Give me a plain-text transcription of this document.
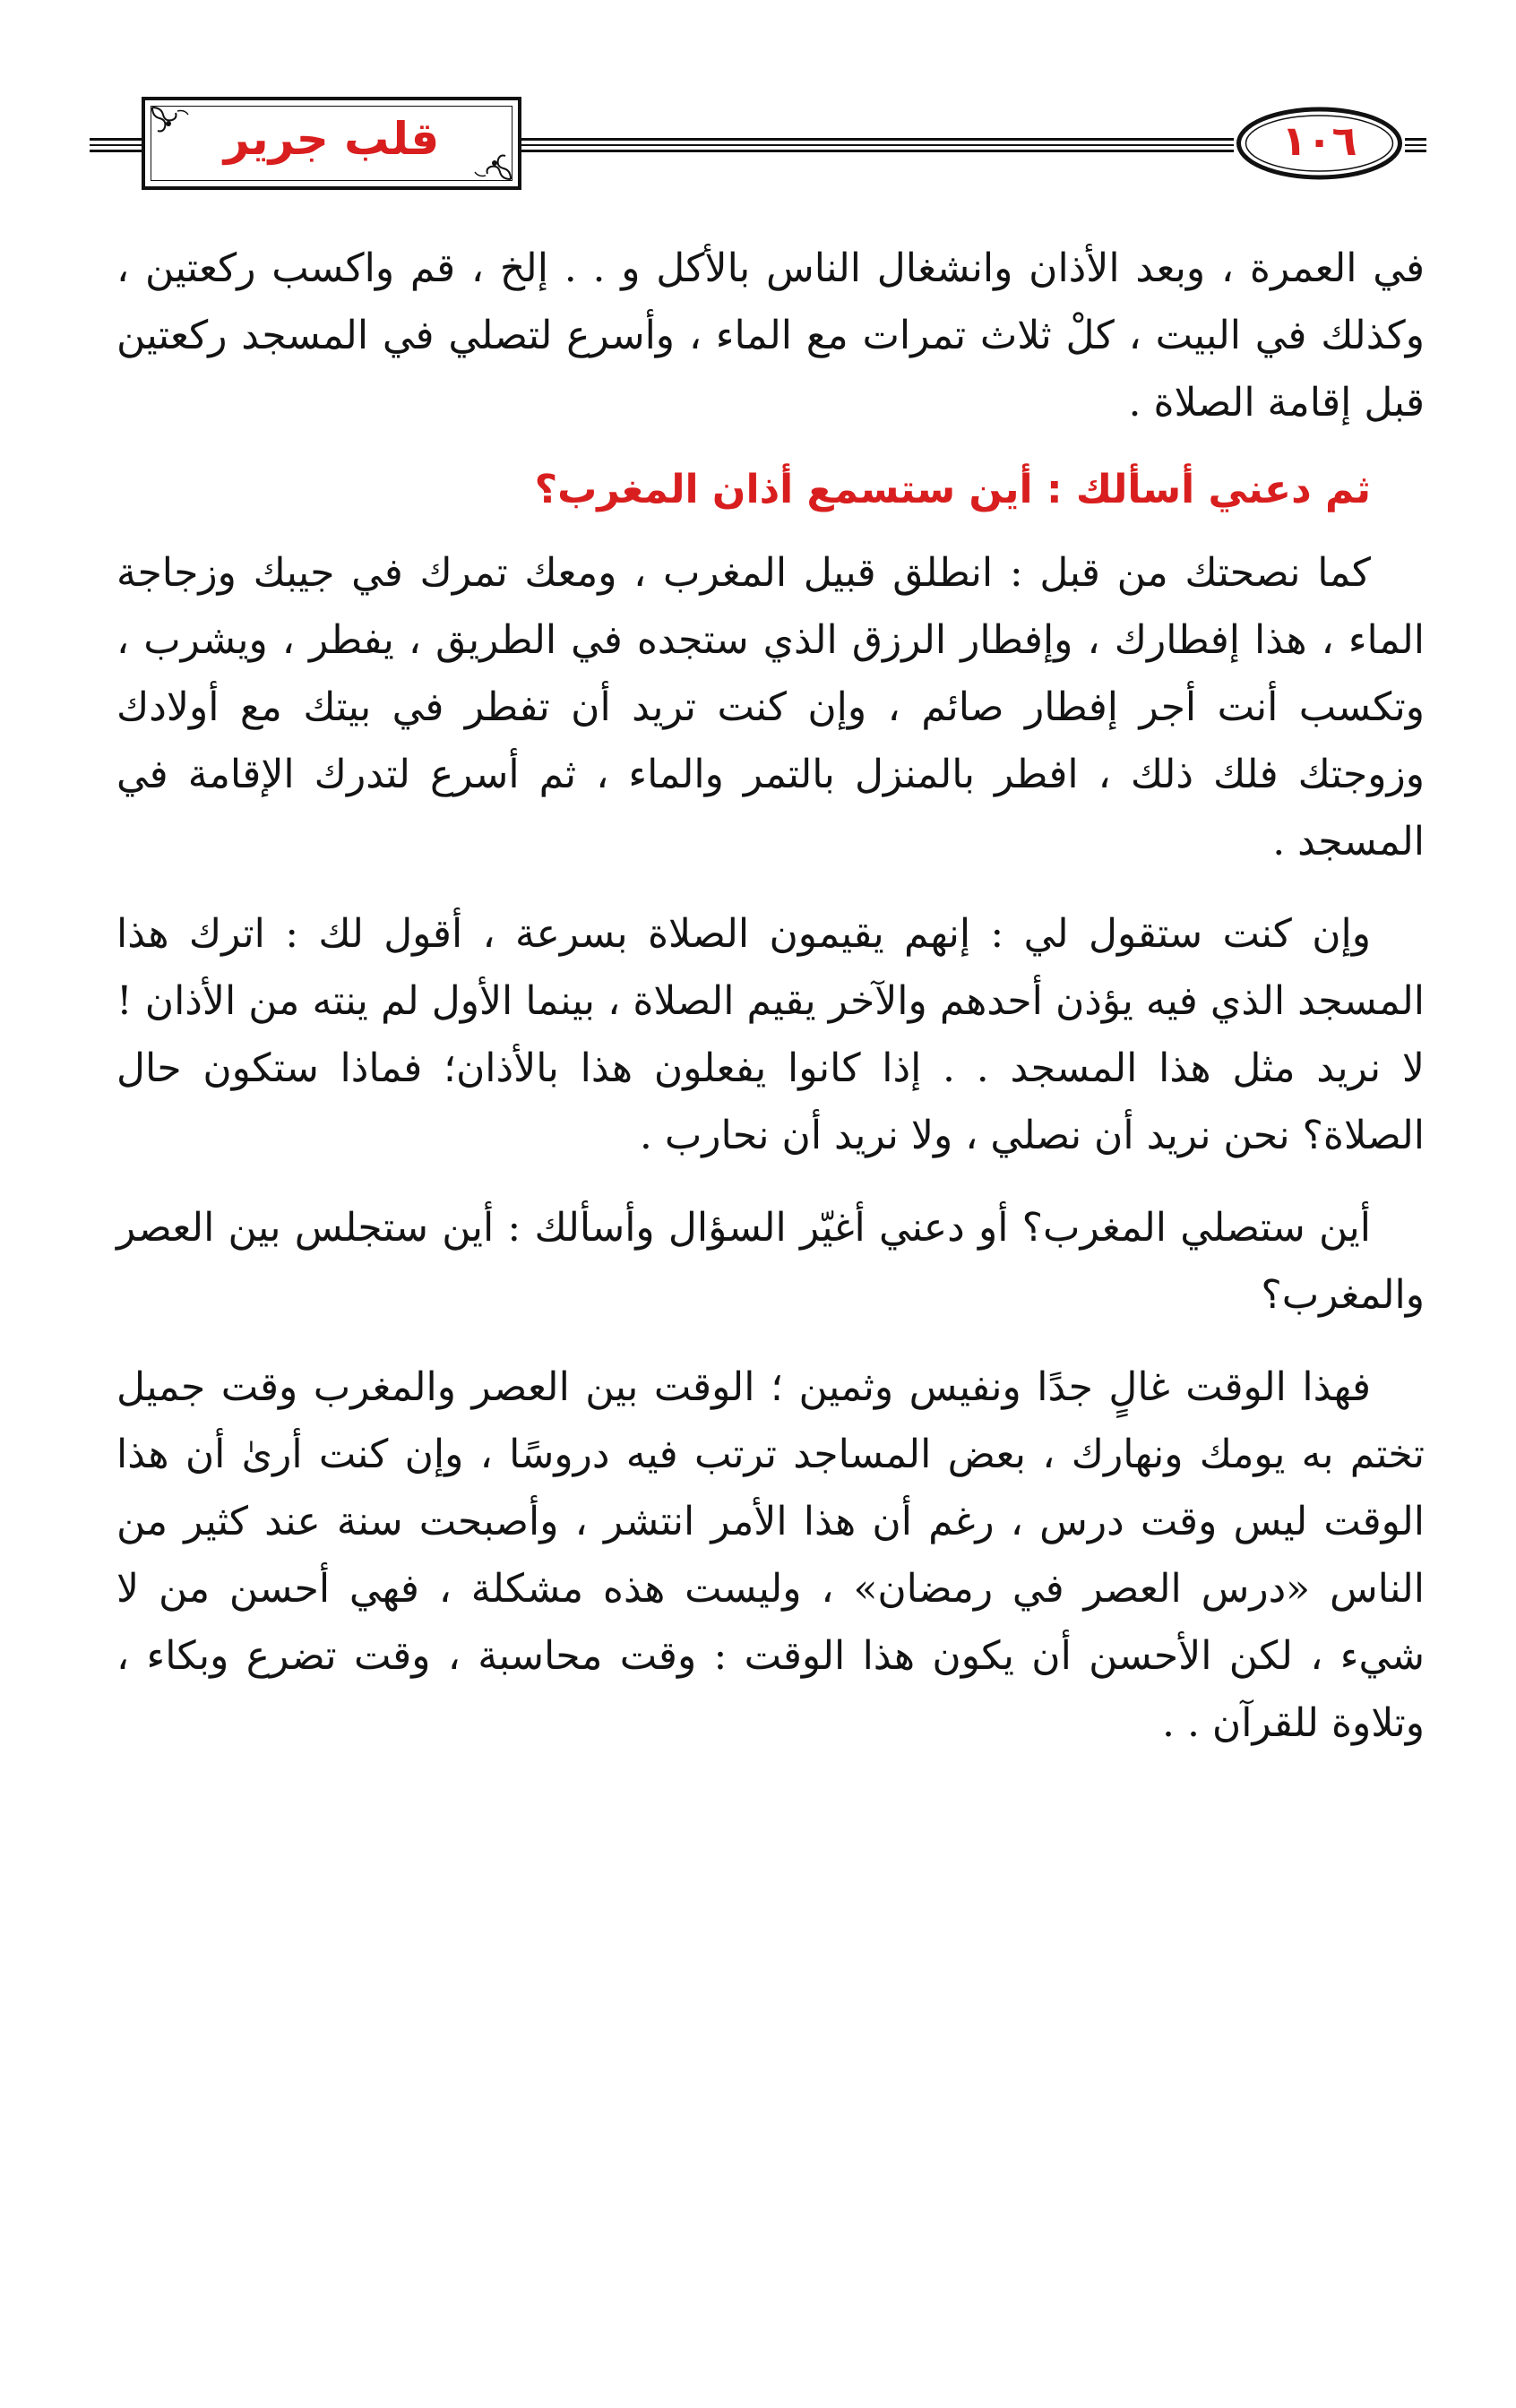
قلب جرير	١٠٦

في العمرة ، وبعد الأذان وانشغال الناس بالأكل و . . إلخ ، قم واكسب ركعتين ، وكذلك في البيت ، كلْ ثلاث تمرات مع الماء ، وأسرع لتصلي في المسجد ركعتين قبل إقامة الصلاة .

ثم دعني أسألك : أين ستسمع أذان المغرب؟

كما نصحتك من قبل : انطلق قبيل المغرب ، ومعك تمرك في جيبك وزجاجة الماء ، هذا إفطارك ، وإفطار الرزق الذي ستجده في الطريق ، يفطر ، ويشرب ، وتكسب أنت أجر إفطار صائم ، وإن كنت تريد أن تفطر في بيتك مع أولادك وزوجتك فلك ذلك ، افطر بالمنزل بالتمر والماء ، ثم أسرع لتدرك الإقامة في المسجد .

وإن كنت ستقول لي : إنهم يقيمون الصلاة بسرعة ، أقول لك : اترك هذا المسجد الذي فيه يؤذن أحدهم والآخر يقيم الصلاة ، بينما الأول لم ينته من الأذان ! لا نريد مثل هذا المسجد . . إذا كانوا يفعلون هذا بالأذان؛ فماذا ستكون حال الصلاة؟ نحن نريد أن نصلي ، ولا نريد أن نحارب .

أين ستصلي المغرب؟ أو دعني أغيّر السؤال وأسألك : أين ستجلس بين العصر والمغرب؟

فهذا الوقت غالٍ جدًا ونفيس وثمين ؛ الوقت بين العصر والمغرب وقت جميل تختم به يومك ونهارك ، بعض المساجد ترتب فيه دروسًا ، وإن كنت أرىٰ أن هذا الوقت ليس وقت درس ، رغم أن هذا الأمر انتشر ، وأصبحت سنة عند كثير من الناس «درس العصر في رمضان» ، وليست هذه مشكلة ، فهي أحسن من لا شيء ، لكن الأحسن أن يكون هذا الوقت : وقت محاسبة ، وقت تضرع وبكاء ، وتلاوة للقرآن . .
